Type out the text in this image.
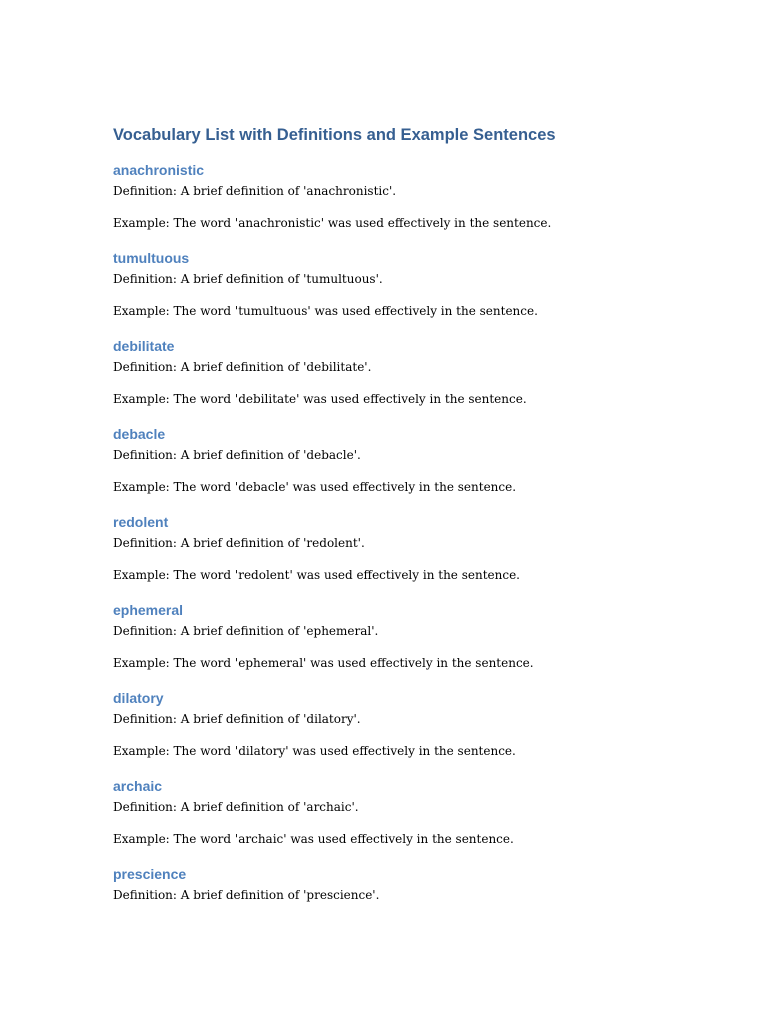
Vocabulary List with Definitions and Example Sentences
anachronistic

Definition: A brief definition of 'anachronistic'.

Example: The word 'anachronistic' was used effectively in the sentence.

tumultuous

Definition: A brief definition of 'tumultuous'.

Example: The word 'tumultuous' was used effectively in the sentence.

debilitate

Definition: A brief definition of 'debilitate'.

Example: The word 'debilitate' was used effectively in the sentence.

debacle

Definition: A brief definition of 'debacle'.

Example: The word 'debacle' was used effectively in the sentence.

redolent

Definition: A brief definition of 'redolent'.

Example: The word 'redolent' was used effectively in the sentence.

ephemeral

Definition: A brief definition of 'ephemeral'.

Example: The word 'ephemeral' was used effectively in the sentence.

dilatory

Definition: A brief definition of 'dilatory'.

Example: The word 'dilatory' was used effectively in the sentence.

archaic

Definition: A brief definition of 'archaic'.

Example: The word 'archaic' was used effectively in the sentence.

prescience

Definition: A brief definition of 'prescience'.
